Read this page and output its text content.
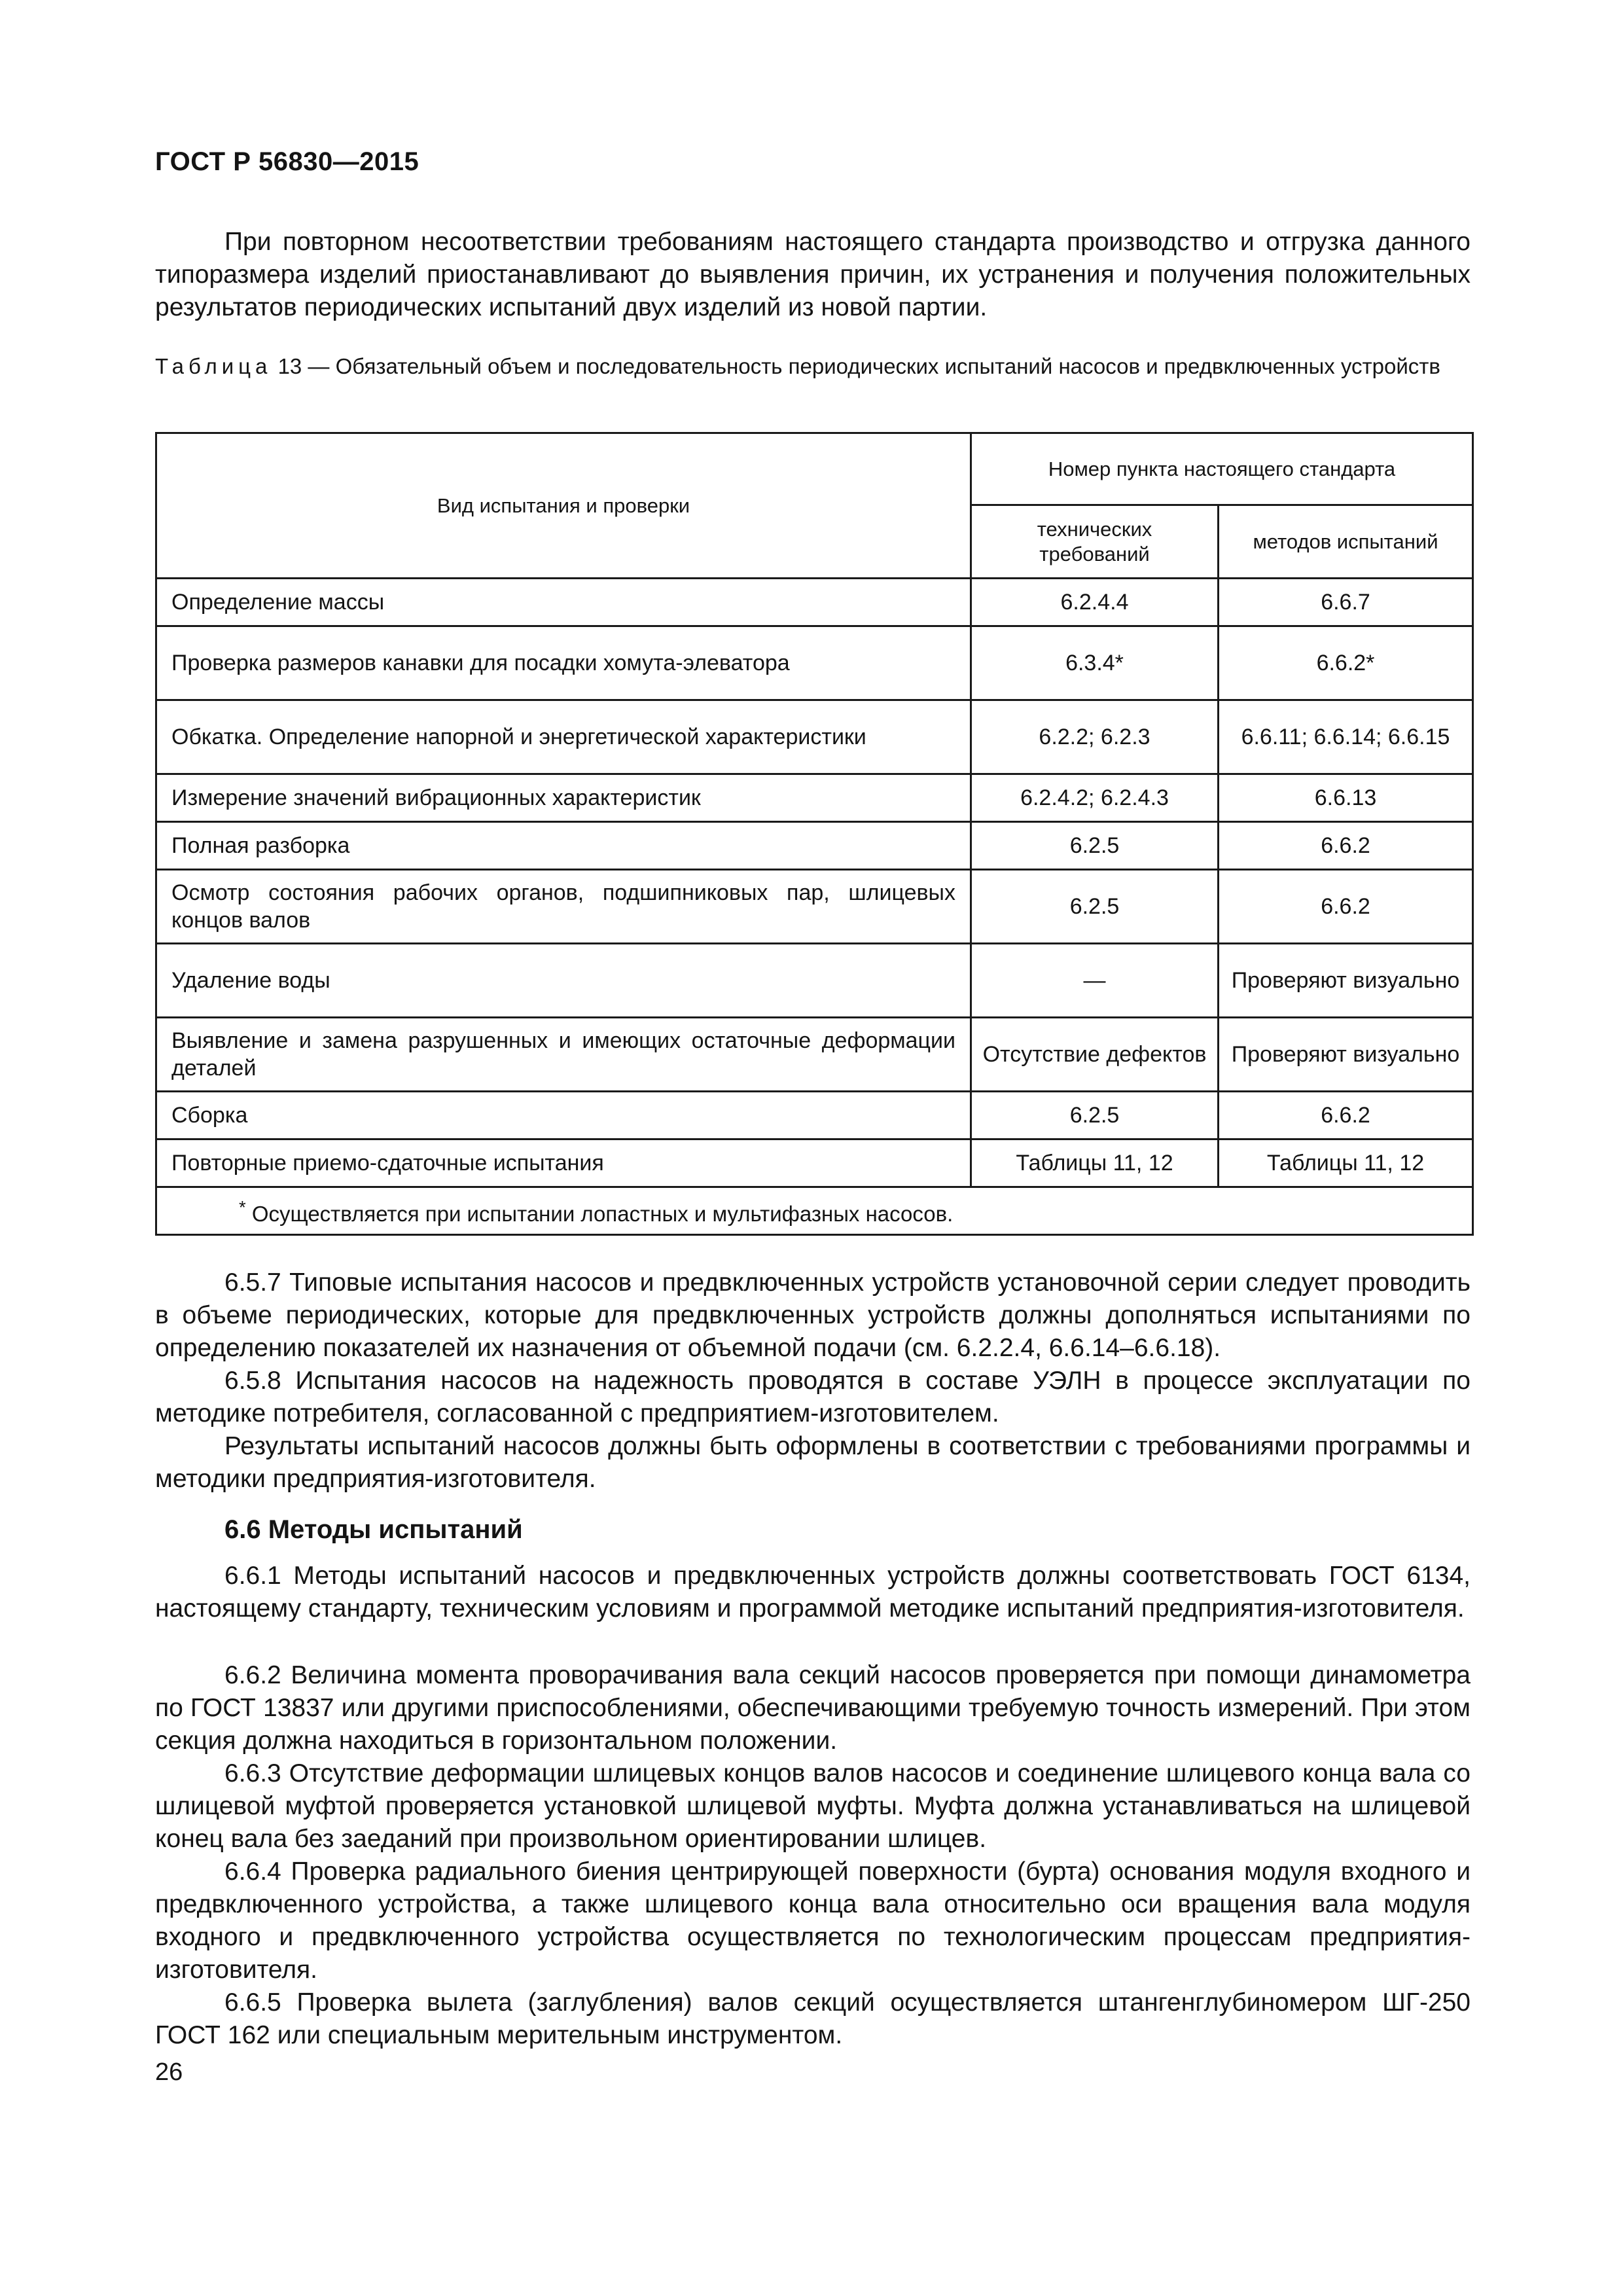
ГОСТ Р 56830—2015
При повторном несоответствии требованиям настоящего стандарта производство и отгрузка данного типоразмера изделий приостанавливают до выявления причин, их устранения и получения положительных результатов периодических испытаний двух изделий из новой партии.
Таблица 13 — Обязательный объем и последовательность периодических испытаний насосов и предвключенных устройств
Вид испытания и проверки	Номер пункта настоящего стандарта	
	технических требований	методов испытаний
Определение массы	6.2.4.4	6.6.7
Проверка размеров канавки для посадки хомута-элеватора	6.3.4*	6.6.2*
Обкатка. Определение напорной и энергетической характеристики	6.2.2; 6.2.3	6.6.11; 6.6.14; 6.6.15
Измерение значений вибрационных характеристик	6.2.4.2; 6.2.4.3	6.6.13
Полная разборка	6.2.5	6.6.2
Осмотр состояния рабочих органов, подшипниковых пар, шлицевых концов валов	6.2.5	6.6.2
Удаление воды	—	Проверяют визуально
Выявление и замена разрушенных и имеющих остаточные деформации деталей	Отсутствие дефектов	Проверяют визуально
Сборка	6.2.5	6.6.2
Повторные приемо-сдаточные испытания	Таблицы 11, 12	Таблицы 11, 12
* Осуществляется при испытании лопастных и мультифазных насосов.		
6.5.7 Типовые испытания насосов и предвключенных устройств установочной серии следует проводить в объеме периодических, которые для предвключенных устройств должны дополняться испытаниями по определению показателей их назначения от объемной подачи (см. 6.2.2.4, 6.6.14–6.6.18).
6.5.8 Испытания насосов на надежность проводятся в составе УЭЛН в процессе эксплуатации по методике потребителя, согласованной с предприятием-изготовителем.
Результаты испытаний насосов должны быть оформлены в соответствии с требованиями программы и методики предприятия-изготовителя.
6.6 Методы испытаний
6.6.1 Методы испытаний насосов и предвключенных устройств должны соответствовать ГОСТ 6134, настоящему стандарту, техническим условиям и программой методике испытаний предприятия-изготовителя.
6.6.2 Величина момента проворачивания вала секций насосов проверяется при помощи динамометра по ГОСТ 13837 или другими приспособлениями, обеспечивающими требуемую точность измерений. При этом секция должна находиться в горизонтальном положении.
6.6.3 Отсутствие деформации шлицевых концов валов насосов и соединение шлицевого конца вала со шлицевой муфтой проверяется установкой шлицевой муфты. Муфта должна устанавливаться на шлицевой конец вала без заеданий при произвольном ориентировании шлицев.
6.6.4 Проверка радиального биения центрирующей поверхности (бурта) основания модуля входного и предвключенного устройства, а также шлицевого конца вала относительно оси вращения вала модуля входного и предвключенного устройства осуществляется по технологическим процессам предприятия-изготовителя.
6.6.5 Проверка вылета (заглубления) валов секций осуществляется штангенглубиномером ШГ-250 ГОСТ 162 или специальным мерительным инструментом.
26
